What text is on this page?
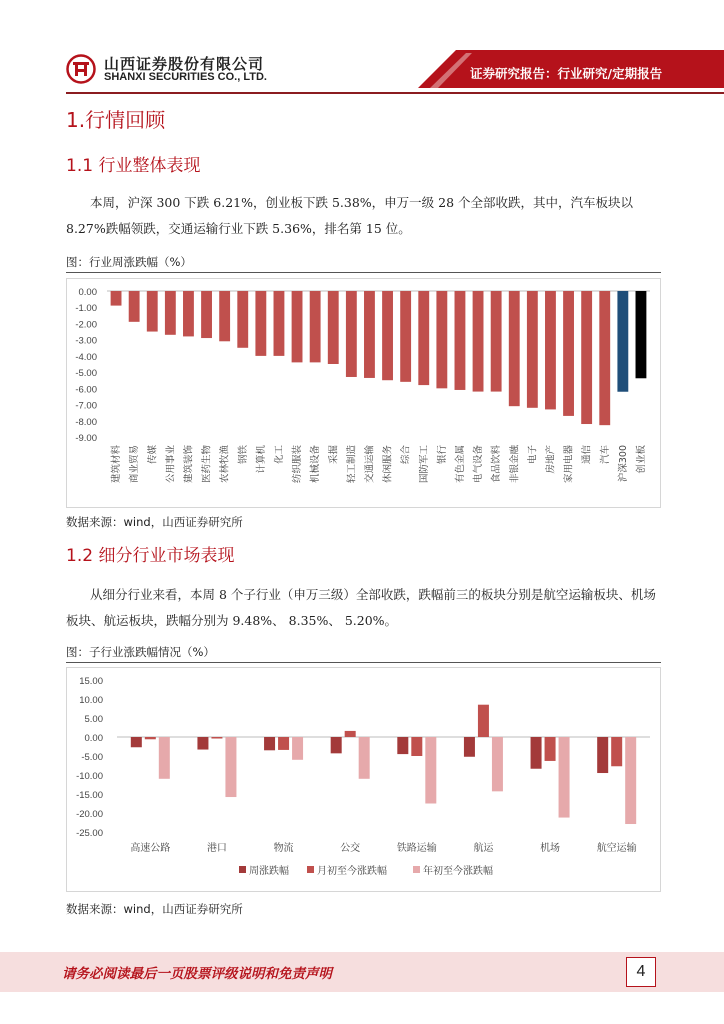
山西证券股份有限公司
SHANXI SECURITIES CO., LTD.	证券研究报告：行业研究/定期报告
1.行情回顾
1.1 行业整体表现
本周，沪深 300 下跌 6.21%，创业板下跌 5.38%，申万一级 28 个全部收跌，其中，汽车板块以 8.27%跌幅领跌，交通运输行业下跌 5.36%，排名第 15 位。
图：行业周涨跌幅（%）
0.00
-1.00
-2.00
-3.00
-4.00
-5.00
-6.00
-7.00
-8.00
-9.00
建筑材料 商业贸易 传媒 公用事业 建筑装饰 医药生物 农林牧渔 钢铁 计算机 化工 纺织服装 机械设备 采掘 轻工制造 交通运输 休闲服务 综合 国防军工 银行 有色金属 电气设备 食品饮料 非银金融 电子 房地产 家用电器 通信 汽车 沪深300 创业板
数据来源：wind，山西证券研究所
1.2 细分行业市场表现
从细分行业来看，本周 8 个子行业（申万三级）全部收跌，跌幅前三的板块分别是航空运输板块、机场板块、航运板块，跌幅分别为 9.48%、 8.35%、 5.20%。
图：子行业涨跌幅情况（%）
15.00
10.00
5.00
0.00
-5.00
-10.00
-15.00
-20.00
-25.00
高速公路	港口	物流	公交	铁路运输	航运	机场	航空运输
周涨跌幅	月初至今涨跌幅	年初至今涨跌幅
数据来源：wind，山西证券研究所
请务必阅读最后一页股票评级说明和免责声明	4
